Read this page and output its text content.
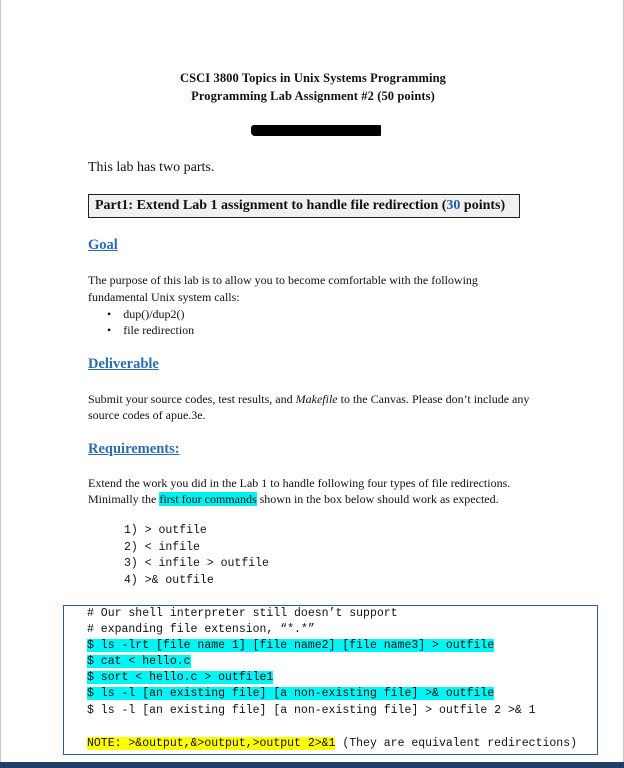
CSCI 3800 Topics in Unix Systems Programming
Programming Lab Assignment #2 (50 points)
This lab has two parts.
Part1: Extend Lab 1 assignment to handle file redirection (30 points)
Goal
The purpose of this lab is to allow you to become comfortable with the following
fundamental Unix system calls:
• dup()/dup2()
• file redirection
Deliverable
Submit your source codes, test results, and Makefile to the Canvas. Please don’t include any
source codes of apue.3e.
Requirements:
Extend the work you did in the Lab 1 to handle following four types of file redirections.
Minimally the first four commands shown in the box below should work as expected.
1) > outfile
2) < infile
3) < infile > outfile
4) >& outfile
# Our shell interpreter still doesn’t support
# expanding file extension, “*.*”
$ ls -lrt [file name 1] [file name2] [file name3] > outfile
$ cat < hello.c
$ sort < hello.c > outfile1
$ ls -l [an existing file] [a non-existing file] >& outfile
$ ls -l [an existing file] [a non-existing file] > outfile 2 >& 1
NOTE: >&output,&>output,>output 2>&1 (They are equivalent redirections)
